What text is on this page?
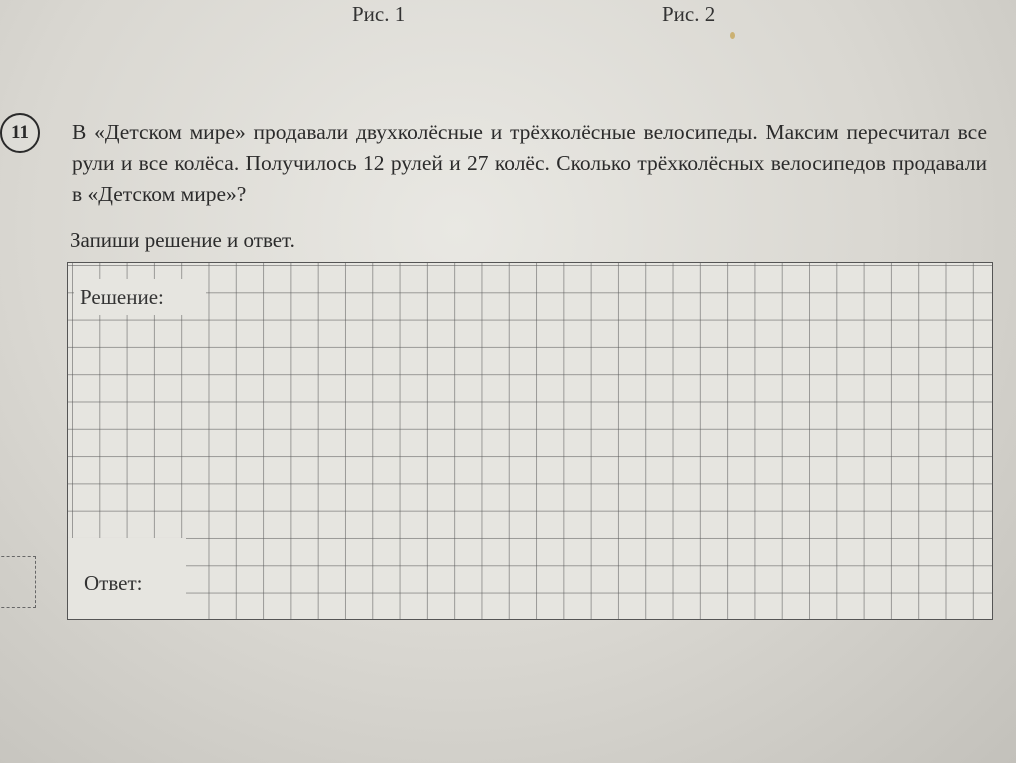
Рис. 1	Рис. 2
11	В «Детском мире» продавали двухколёсные и трёхколёсные велосипеды. Максим пересчитал все рули и все колёса. Получилось 12 рулей и 27 колёс. Сколько трёхколёсных велосипедов продавали в «Детском мире»?
Запиши решение и ответ.
Решение:
Ответ:
